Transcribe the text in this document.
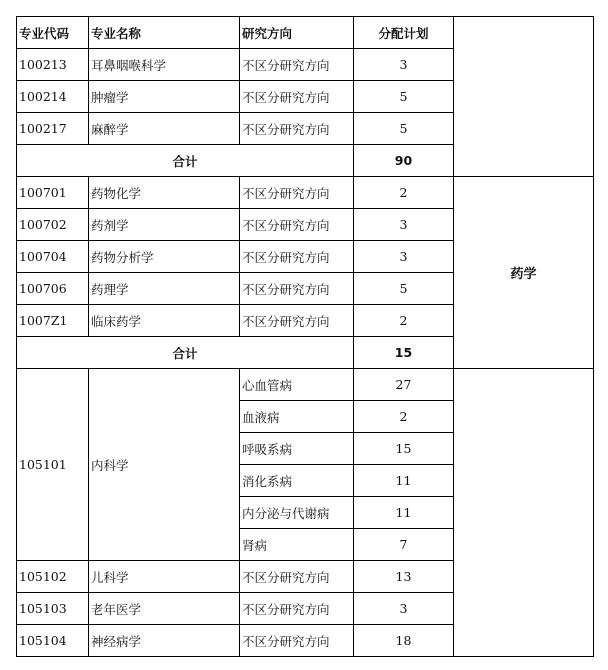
专业代码	专业名称	研究方向	分配计划	
100213	耳鼻咽喉科学	不区分研究方向	3	
100214	肿瘤学	不区分研究方向	5	
100217	麻醉学	不区分研究方向	5	
合计			90	
100701	药物化学	不区分研究方向	2	药学
100702	药剂学	不区分研究方向	3	
100704	药物分析学	不区分研究方向	3	
100706	药理学	不区分研究方向	5	
1007Z1	临床药学	不区分研究方向	2	
合计			15	
105101	内科学	心血管病	27	
		血液病	2	
		呼吸系病	15	
		消化系病	11	
		内分泌与代谢病	11	
		肾病	7	
105102	儿科学	不区分研究方向	13	
105103	老年医学	不区分研究方向	3	
105104	神经病学	不区分研究方向	18	
